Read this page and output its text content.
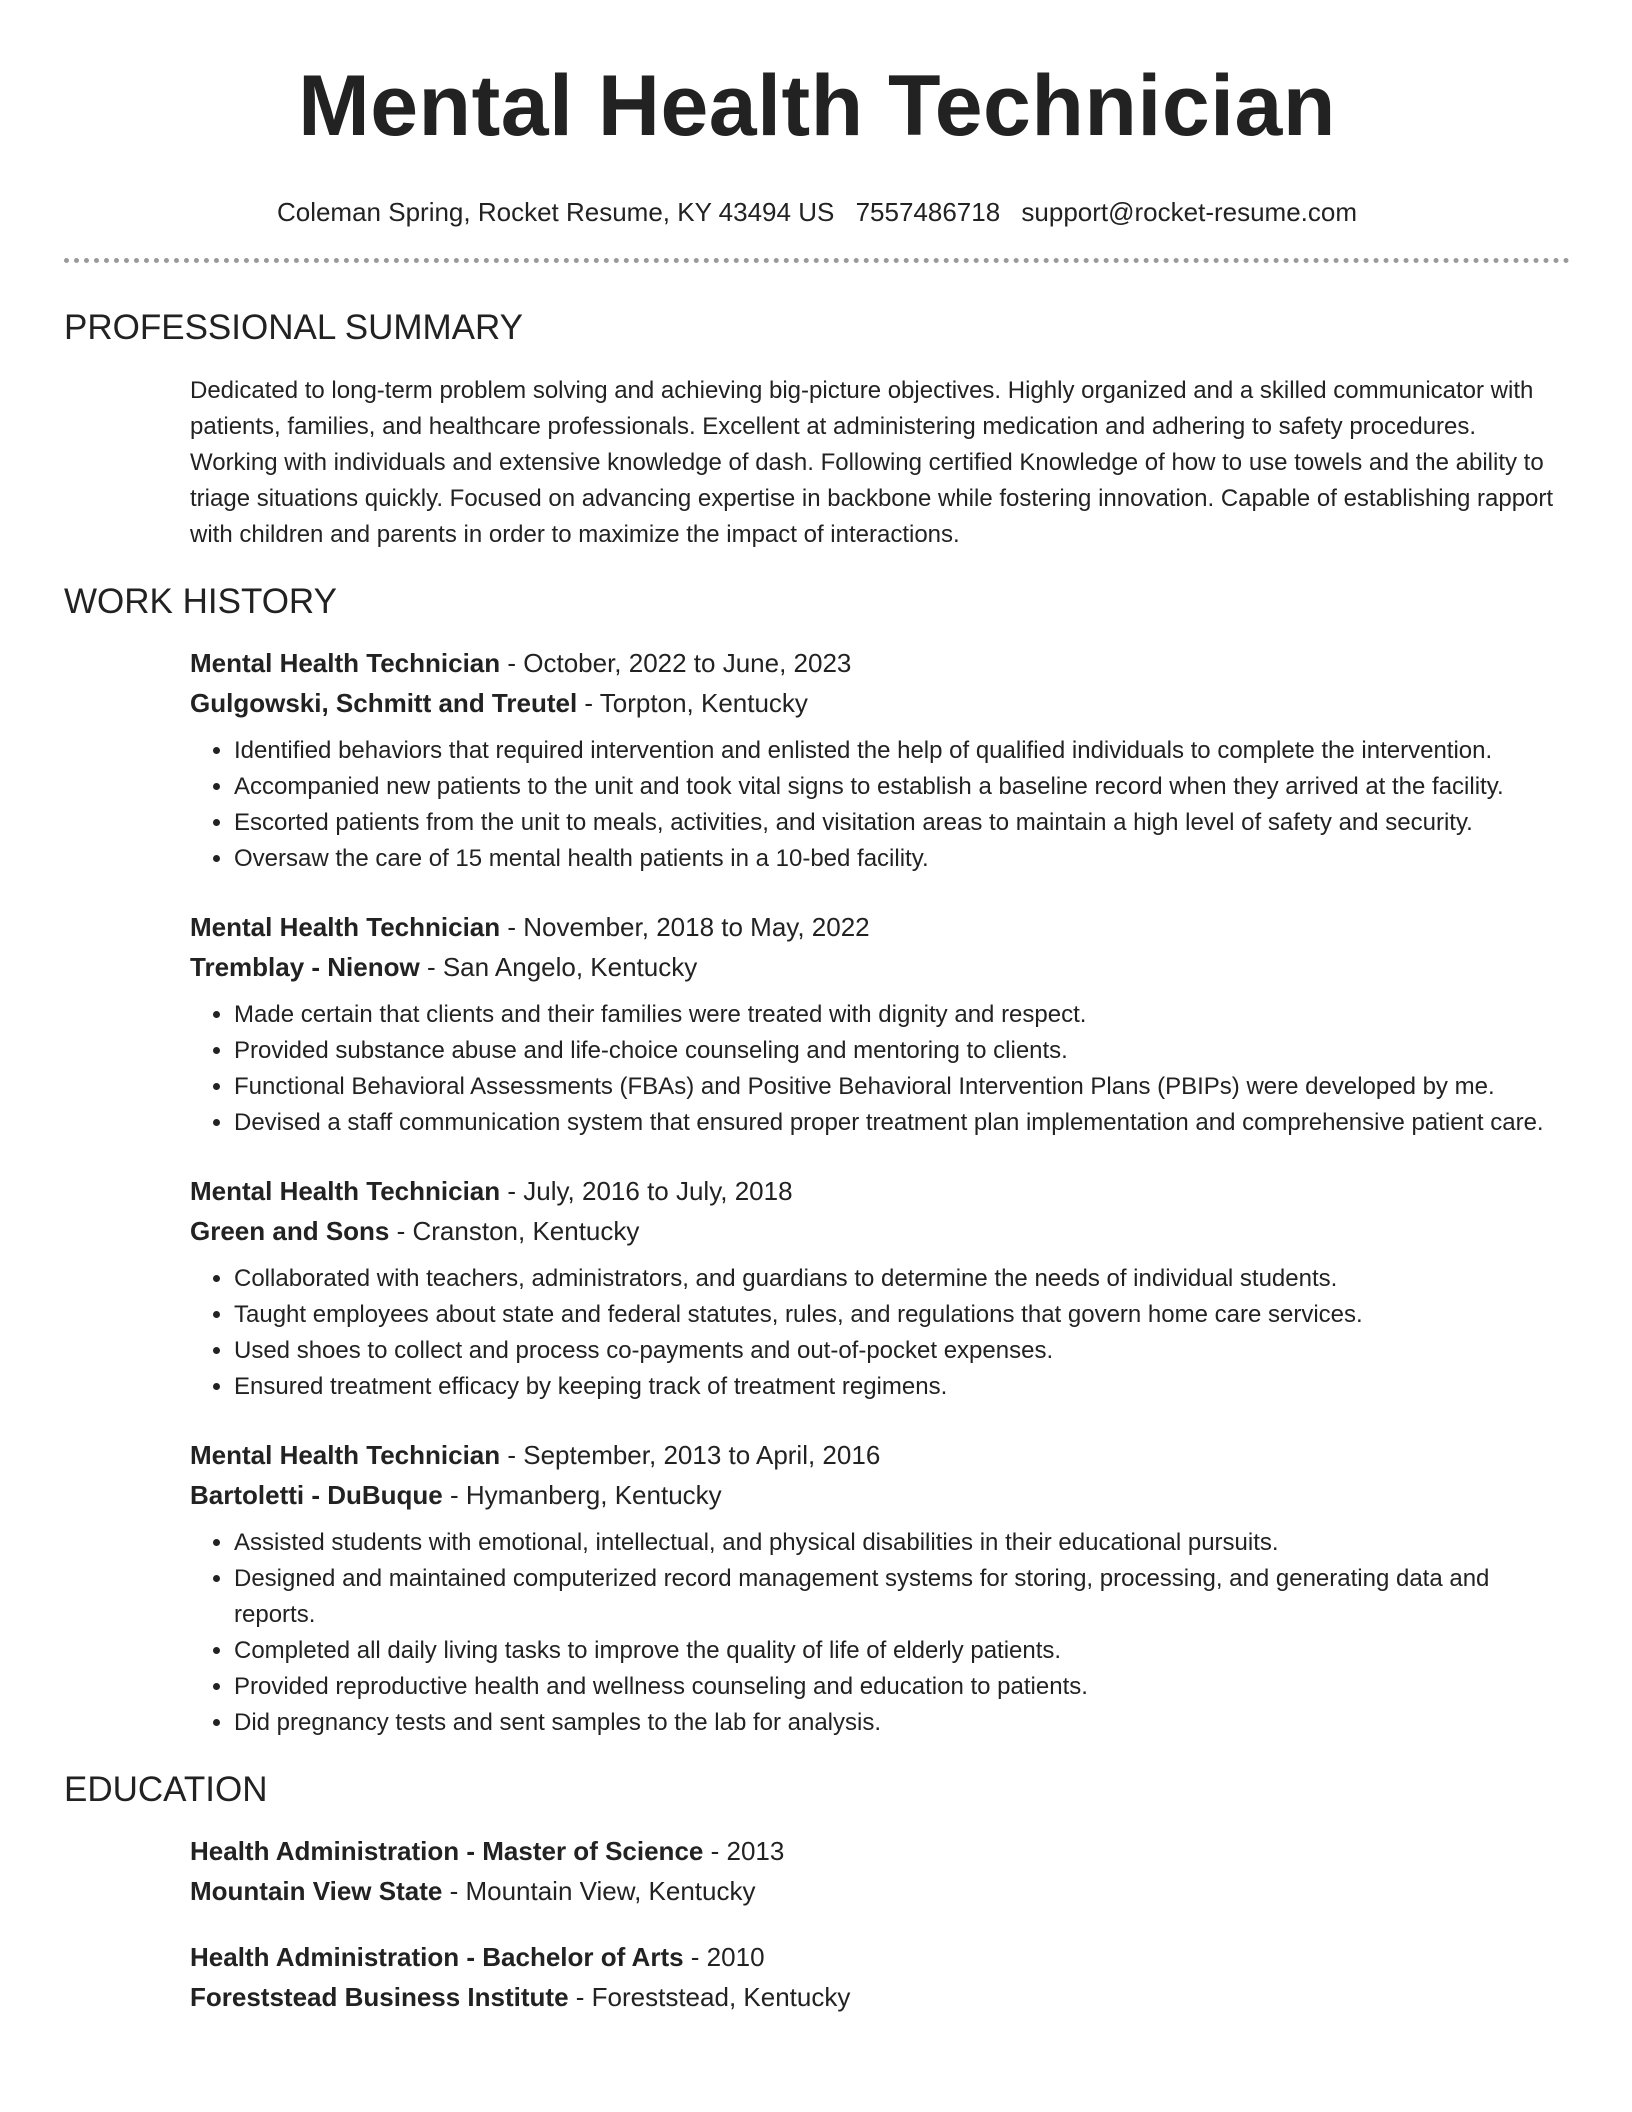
Mental Health Technician
Coleman Spring, Rocket Resume, KY 43494 US 7557486718 support@rocket-resume.com
PROFESSIONAL SUMMARY

Dedicated to long-term problem solving and achieving big-picture objectives. Highly organized and a skilled communicator with patients, families, and healthcare professionals. Excellent at administering medication and adhering to safety procedures. Working with individuals and extensive knowledge of dash. Following certified Knowledge of how to use towels and the ability to triage situations quickly. Focused on advancing expertise in backbone while fostering innovation. Capable of establishing rapport with children and parents in order to maximize the impact of interactions.

WORK HISTORY

Mental Health Technician - October, 2022 to June, 2023

Gulgowski, Schmitt and Treutel - Torpton, Kentucky

• Identified behaviors that required intervention and enlisted the help of qualified individuals to complete the intervention.
• Accompanied new patients to the unit and took vital signs to establish a baseline record when they arrived at the facility.
• Escorted patients from the unit to meals, activities, and visitation areas to maintain a high level of safety and security.
• Oversaw the care of 15 mental health patients in a 10-bed facility.

Mental Health Technician - November, 2018 to May, 2022

Tremblay - Nienow - San Angelo, Kentucky

• Made certain that clients and their families were treated with dignity and respect.
• Provided substance abuse and life-choice counseling and mentoring to clients.
• Functional Behavioral Assessments (FBAs) and Positive Behavioral Intervention Plans (PBIPs) were developed by me.
• Devised a staff communication system that ensured proper treatment plan implementation and comprehensive patient care.

Mental Health Technician - July, 2016 to July, 2018

Green and Sons - Cranston, Kentucky

• Collaborated with teachers, administrators, and guardians to determine the needs of individual students.
• Taught employees about state and federal statutes, rules, and regulations that govern home care services.
• Used shoes to collect and process co-payments and out-of-pocket expenses.
• Ensured treatment efficacy by keeping track of treatment regimens.

Mental Health Technician - September, 2013 to April, 2016

Bartoletti - DuBuque - Hymanberg, Kentucky

• Assisted students with emotional, intellectual, and physical disabilities in their educational pursuits.
• Designed and maintained computerized record management systems for storing, processing, and generating data and reports.
• Completed all daily living tasks to improve the quality of life of elderly patients.
• Provided reproductive health and wellness counseling and education to patients.
• Did pregnancy tests and sent samples to the lab for analysis.
EDUCATION

Health Administration - Master of Science - 2013

Mountain View State - Mountain View, Kentucky

Health Administration - Bachelor of Arts - 2010

Foreststead Business Institute - Foreststead, Kentucky
